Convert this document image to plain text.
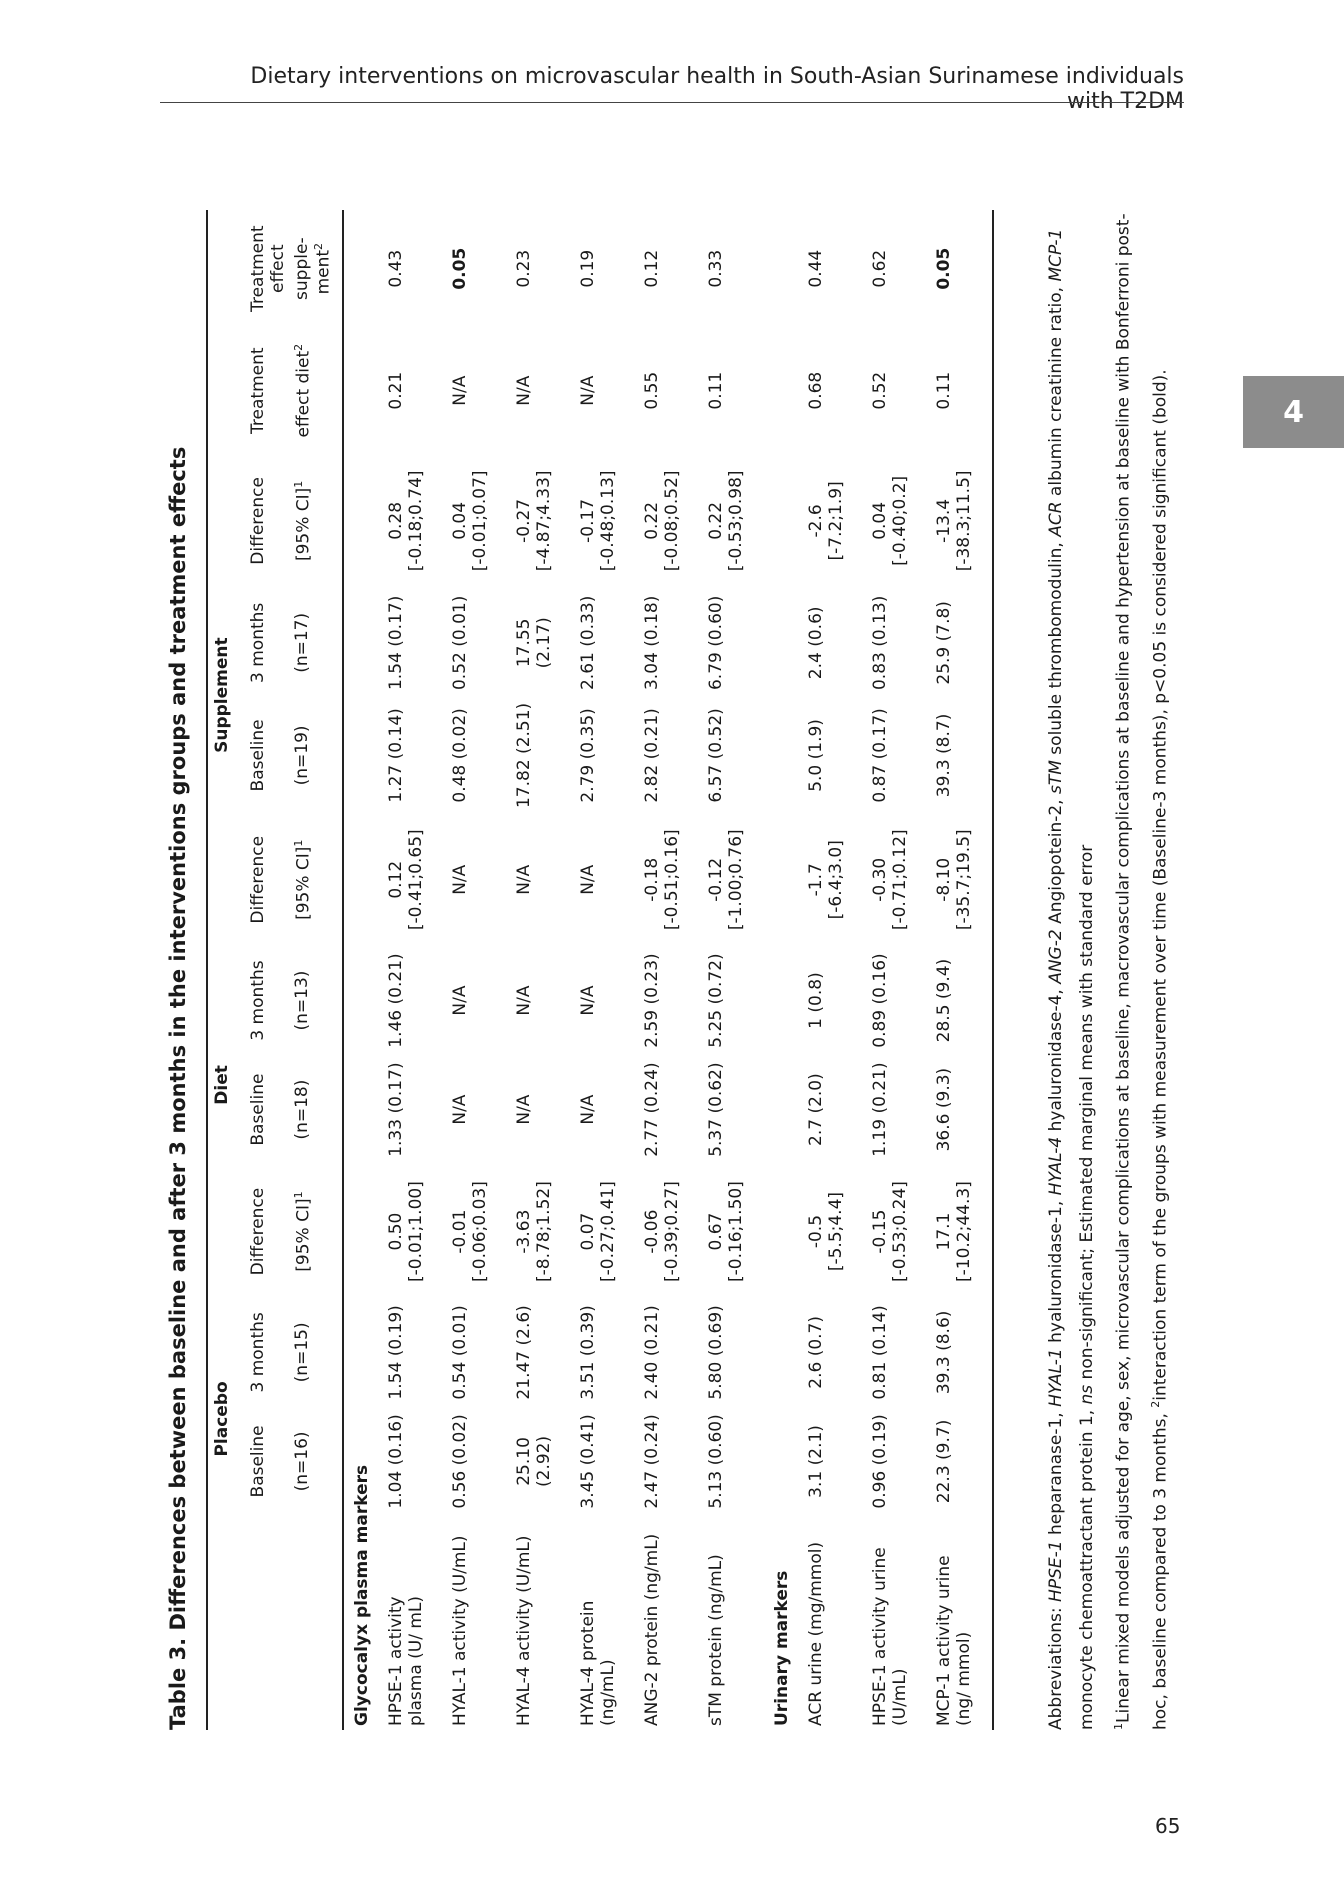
Dietary interventions on microvascular health in South-Asian Surinamese individuals with T2DM
4
65
Table 3. Differences between baseline and after 3 months in the interventions groups and treatment effects
	Placebo			Diet			Supplement				
	Baseline	3 months	Difference	Baseline	3 months	Difference	Baseline	3 months	Difference	Treatment	Treatment
effect
	(n=16)	(n=15)	[95% CI]$^1$	(n=18)	(n=13)	[95% CI]$^1$	(n=19)	(n=17)	[95% CI]$^1$	effect diet$^2$	supple-
ment$^2$
Glycocalyx plasma markers											
HPSE-1 activity plasma (U/ mL)	1.04 (0.16)	1.54 (0.19)	0.50 [-0.01;1.00]	1.33 (0.17)	1.46 (0.21)	0.12 [-0.41;0.65]	1.27 (0.14)	1.54 (0.17)	0.28 [-0.18;0.74]	0.21	0.43
HYAL-1 activity (U/mL)	0.56 (0.02)	0.54 (0.01)	-0.01 [-0.06;0.03]	N/A	N/A	N/A	0.48 (0.02)	0.52 (0.01)	0.04 [-0.01;0.07]	N/A	0.05
HYAL-4 activity (U/mL)	25.10 (2.92)	21.47 (2.6)	-3.63 [-8.78;1.52]	N/A	N/A	N/A	17.82 (2.51)	17.55 (2.17)	-0.27 [-4.87;4.33]	N/A	0.23
HYAL-4 protein (ng/mL)	3.45 (0.41)	3.51 (0.39)	0.07 [-0.27;0.41]	N/A	N/A	N/A	2.79 (0.35)	2.61 (0.33)	-0.17 [-0.48;0.13]	N/A	0.19
ANG-2 protein (ng/mL)	2.47 (0.24)	2.40 (0.21)	-0.06 [-0.39;0.27]	2.77 (0.24)	2.59 (0.23)	-0.18 [-0.51;0.16]	2.82 (0.21)	3.04 (0.18)	0.22 [-0.08;0.52]	0.55	0.12
sTM protein (ng/mL)	5.13 (0.60)	5.80 (0.69)	0.67 [-0.16;1.50]	5.37 (0.62)	5.25 (0.72)	-0.12 [-1.00;0.76]	6.57 (0.52)	6.79 (0.60)	0.22 [-0.53;0.98]	0.11	0.33
Urinary markers											
ACR urine (mg/mmol)	3.1 (2.1)	2.6 (0.7)	-0.5 [-5.5;4.4]	2.7 (2.0)	1 (0.8)	-1.7 [-6.4;3.0]	5.0 (1.9)	2.4 (0.6)	-2.6 [-7.2;1.9]	0.68	0.44
HPSE-1 activity urine (U/mL)	0.96 (0.19)	0.81 (0.14)	-0.15 [-0.53;0.24]	1.19 (0.21)	0.89 (0.16)	-0.30 [-0.71;0.12]	0.87 (0.17)	0.83 (0.13)	0.04 [-0.40;0.2]	0.52	0.62
MCP-1 activity urine (ng/ mmol)	22.3 (9.7)	39.3 (8.6)	17.1 [-10.2;44.3]	36.6 (9.3)	28.5 (9.4)	-8.10 [-35.7;19.5]	39.3 (8.7)	25.9 (7.8)	-13.4 [-38.3;11.5]	0.11	0.05

Abbreviations: HPSE-1 heparanase-1, HYAL-1 hyaluronidase-1, HYAL-4 hyaluronidase-4, ANG-2 Angiopotein-2, sTM soluble thrombomodulin, ACR albumin creatinine ratio, MCP-1 monocyte chemoattractant protein 1, ns non-significant; Estimated marginal means with standard error

$^1$Linear mixed models adjusted for age, sex, microvascular complications at baseline, macrovascular complications at baseline and hypertension at baseline with Bonferroni post-hoc, baseline compared to 3 months, $^2$interaction term of the groups with measurement over time (Baseline-3 months), p<0.05 is considered significant (bold).
